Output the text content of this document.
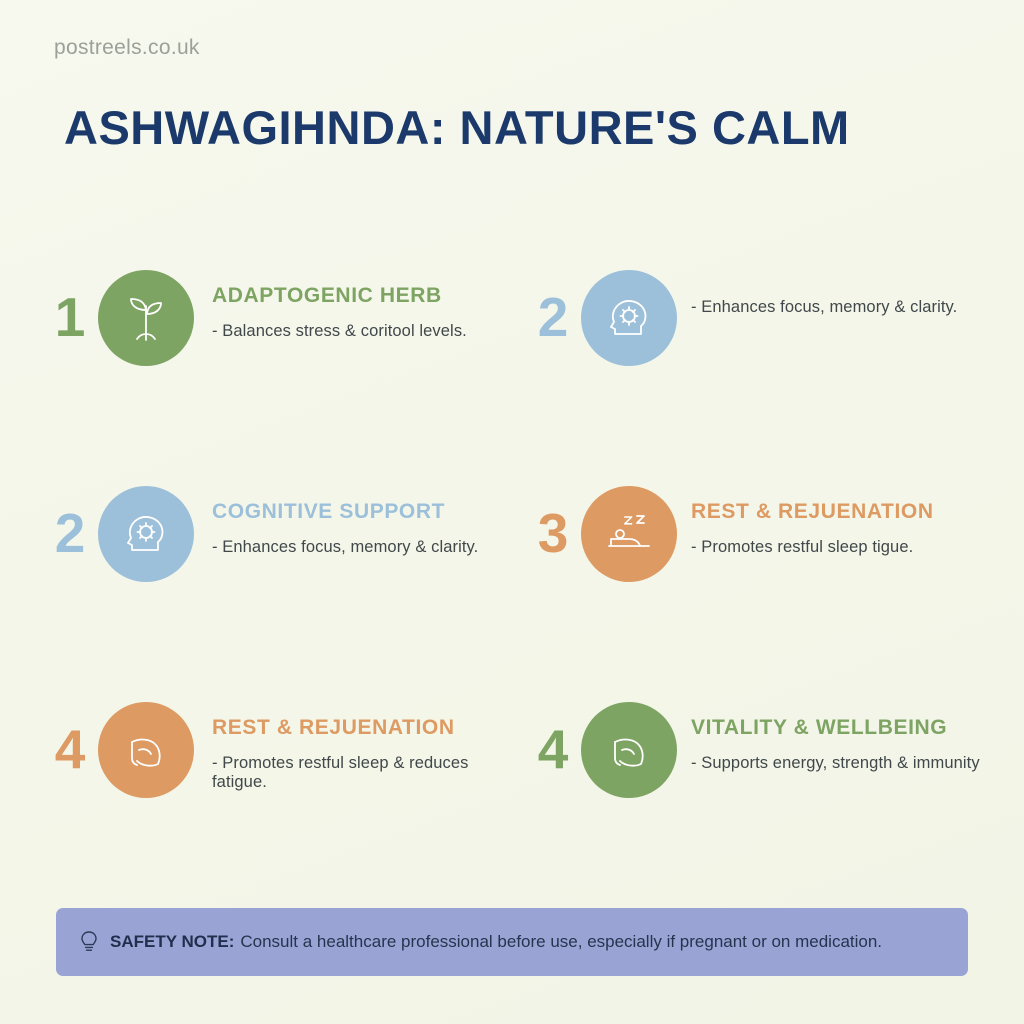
postreels.co.uk
ASHWAGIHNDA: NATURE'S CALM
1	ADAPTOGENIC HERB
- Balances stress & coritool levels.	2	- Enhances focus, memory & clarity.
2	COGNITIVE SUPPORT
- Enhances focus, memory & clarity.	3	REST & REJUENATION
- Promotes restful sleep tigue.
4	REST & REJUENATION
- Promotes restful sleep & reduces fatigue.
4	VITALITY & WELLBEING
- Supports energy, strength & immunity
SAFETY NOTE: Consult a healthcare professional before use, especially if pregnant or on medication.
